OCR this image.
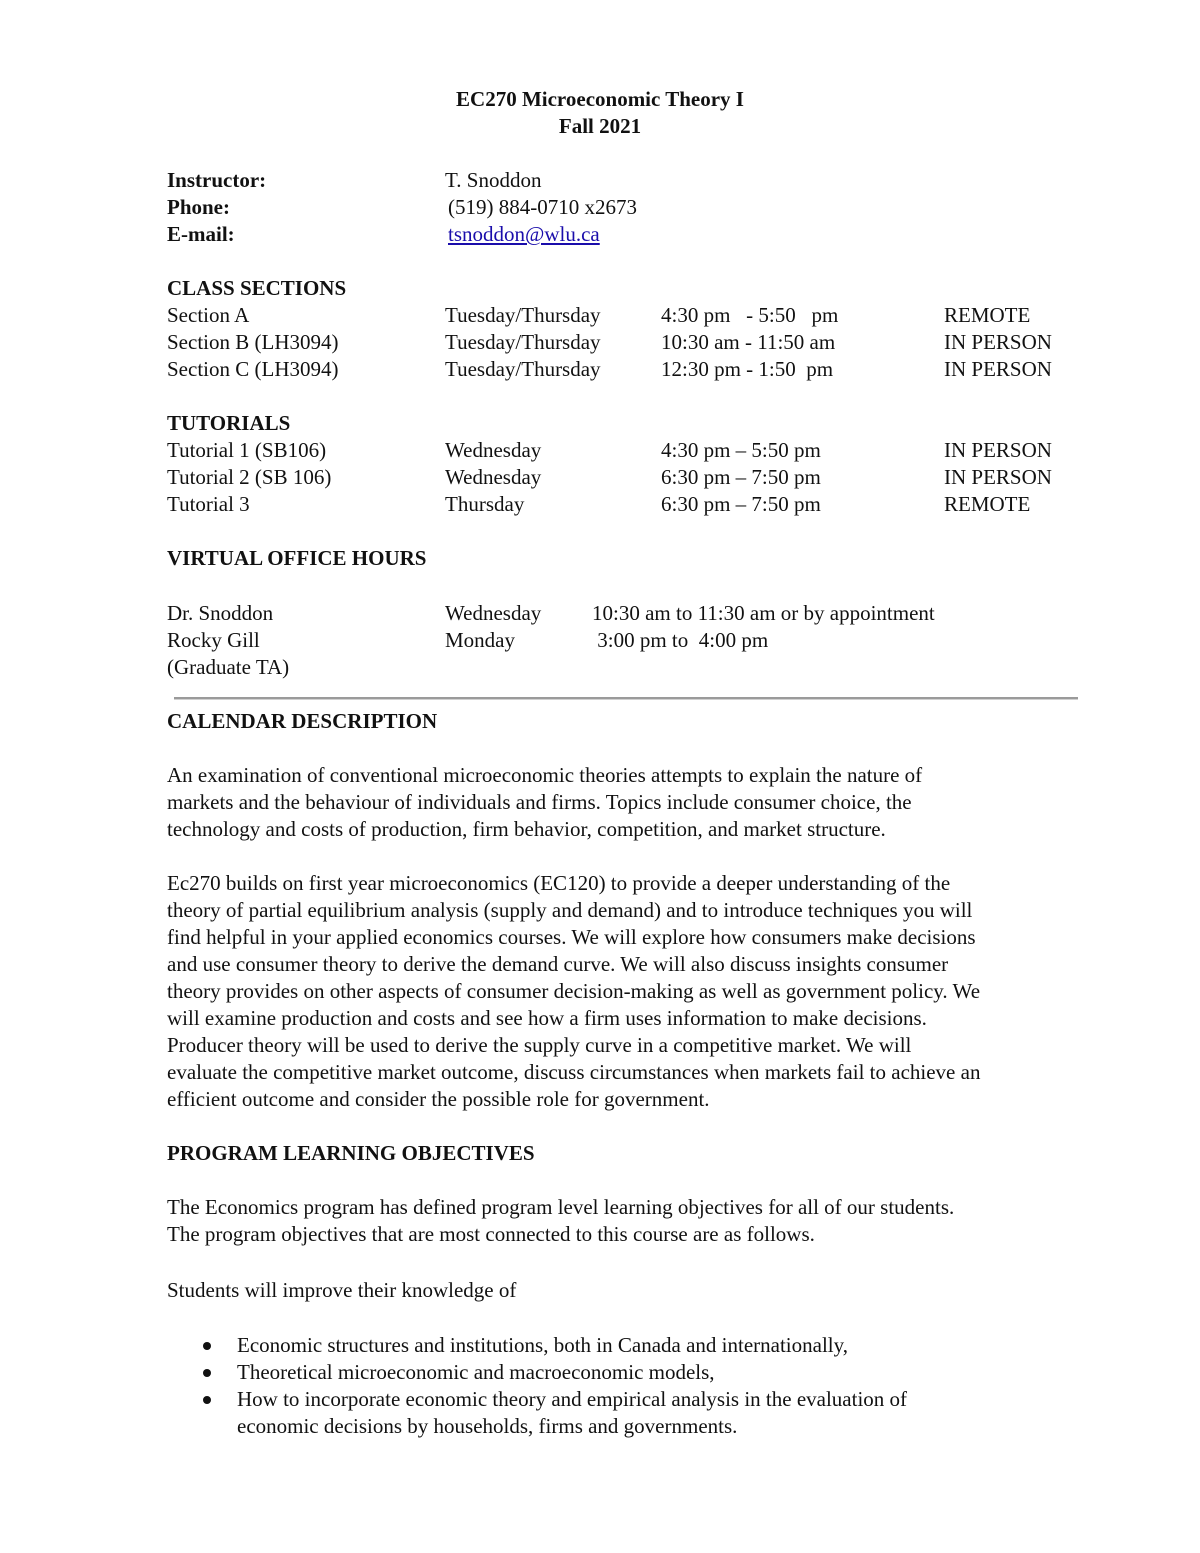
EC270 Microeconomic Theory I
Fall 2021
Instructor:	T. Snoddon
Phone:	(519) 884-0710 x2673
E-mail:	tsnoddon@wlu.ca
CLASS SECTIONS
Section A	Tuesday/Thursday	4:30 pm   - 5:50   pm	REMOTE
Section B (LH3094)	Tuesday/Thursday	10:30 am - 11:50 am	IN PERSON
Section C (LH3094)	Tuesday/Thursday	12:30 pm - 1:50  pm	IN PERSON
TUTORIALS
Tutorial 1 (SB106)	Wednesday	4:30 pm – 5:50 pm	IN PERSON
Tutorial 2 (SB 106)	Wednesday	6:30 pm – 7:50 pm	IN PERSON
Tutorial 3	Thursday	6:30 pm – 7:50 pm	REMOTE
VIRTUAL OFFICE HOURS
Dr. Snoddon	Wednesday 10:30 am to 11:30 am or by appointment
Rocky Gill	Monday	3:00 pm to  4:00 pm
(Graduate TA)
CALENDAR DESCRIPTION
An examination of conventional microeconomic theories attempts to explain the nature of
markets and the behaviour of individuals and firms. Topics include consumer choice, the
technology and costs of production, firm behavior, competition, and market structure.
Ec270 builds on first year microeconomics (EC120) to provide a deeper understanding of the
theory of partial equilibrium analysis (supply and demand) and to introduce techniques you will
find helpful in your applied economics courses. We will explore how consumers make decisions
and use consumer theory to derive the demand curve. We will also discuss insights consumer
theory provides on other aspects of consumer decision-making as well as government policy. We
will examine production and costs and see how a firm uses information to make decisions.
Producer theory will be used to derive the supply curve in a competitive market. We will
evaluate the competitive market outcome, discuss circumstances when markets fail to achieve an
efficient outcome and consider the possible role for government.
PROGRAM LEARNING OBJECTIVES
The Economics program has defined program level learning objectives for all of our students.
The program objectives that are most connected to this course are as follows.
Students will improve their knowledge of
Economic structures and institutions, both in Canada and internationally,
Theoretical microeconomic and macroeconomic models,
How to incorporate economic theory and empirical analysis in the evaluation of
economic decisions by households, firms and governments.
